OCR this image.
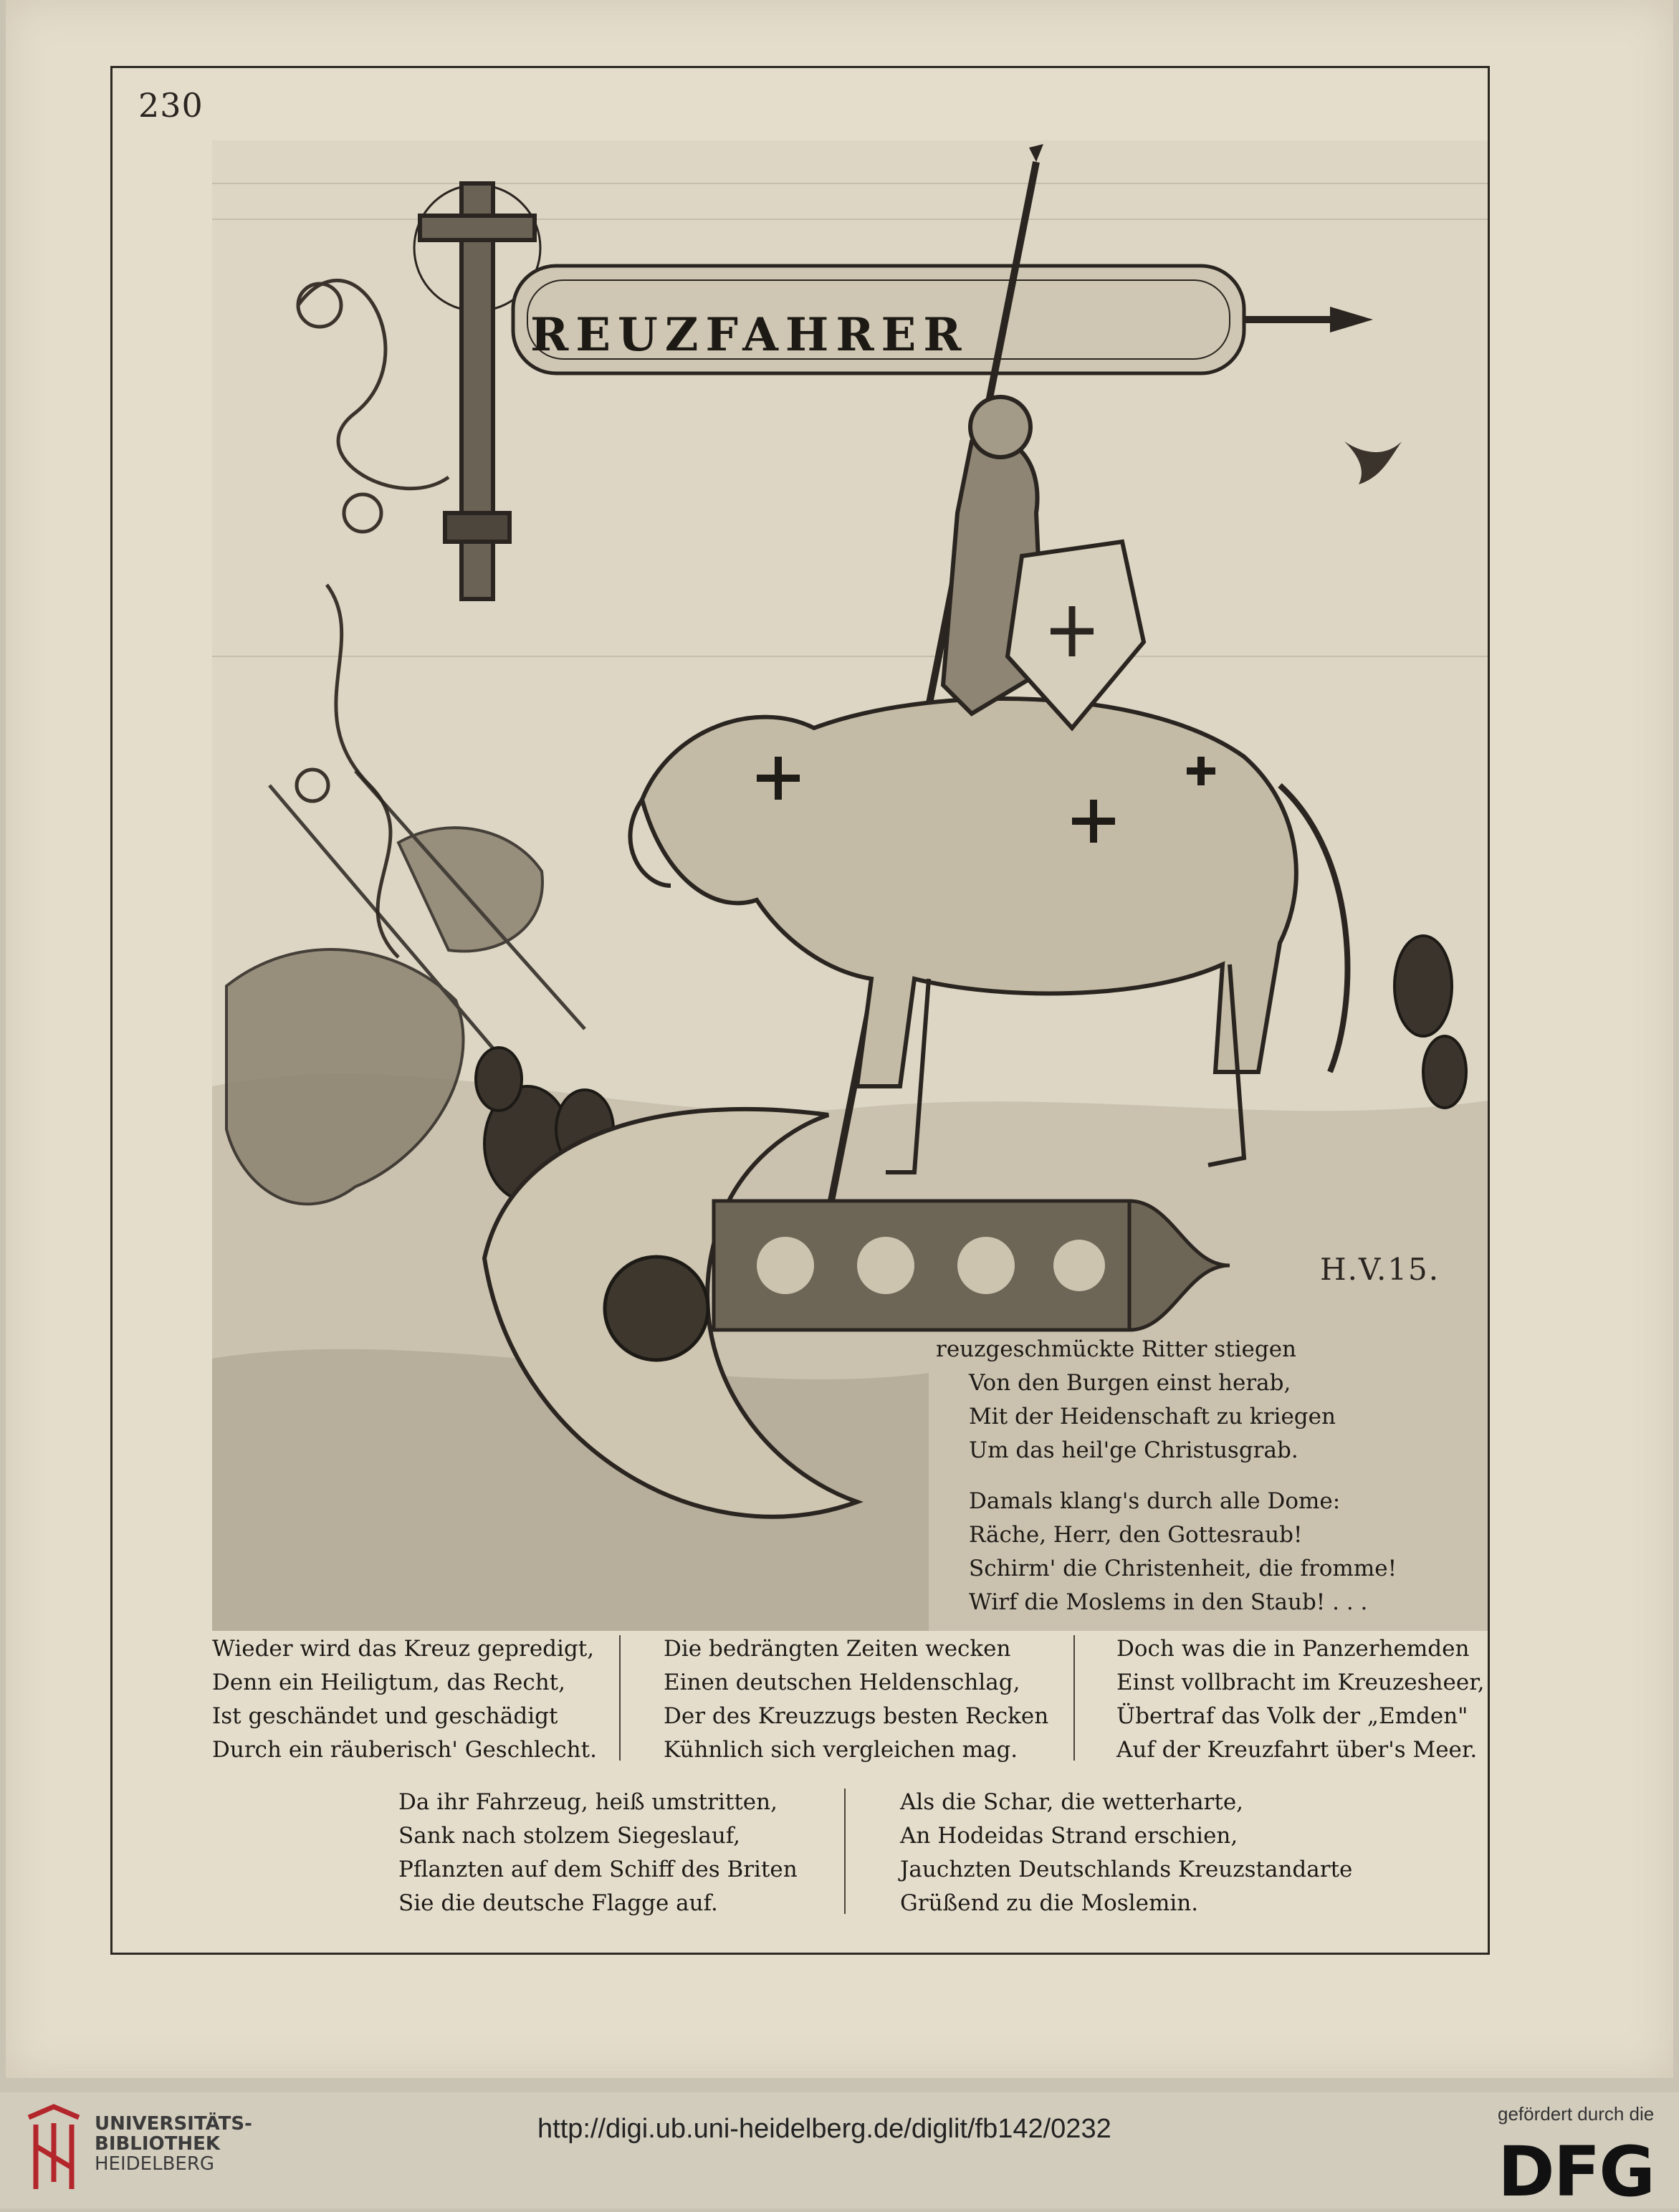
230
REUZFAHRER
H.V.15.
reuzgeschmückte Ritter stiegen
Von den Burgen einst herab,
Mit der Heidenschaft zu kriegen
Um das heil'ge Christusgrab.
Damals klang's durch alle Dome:
Räche, Herr, den Gottesraub!
Schirm' die Christenheit, die fromme!
Wirf die Moslems in den Staub! . . .
Wieder wird das Kreuz gepredigt,
Denn ein Heiligtum, das Recht,
Ist geschändet und geschädigt
Durch ein räuberisch' Geschlecht.
Die bedrängten Zeiten wecken
Einen deutschen Heldenschlag,
Der des Kreuzzugs besten Recken
Kühnlich sich vergleichen mag.
Doch was die in Panzerhemden
Einst vollbracht im Kreuzesheer,
Übertraf das Volk der „Emden"
Auf der Kreuzfahrt über's Meer.
Da ihr Fahrzeug, heiß umstritten,
Sank nach stolzem Siegeslauf,
Pflanzten auf dem Schiff des Briten
Sie die deutsche Flagge auf.
Als die Schar, die wetterharte,
An Hodeidas Strand erschien,
Jauchzten Deutschlands Kreuzstandarte
Grüßend zu die Moslemin.
UNIVERSITÄTS-
BIBLIOTHEK
HEIDELBERG
http://digi.ub.uni-heidelberg.de/diglit/fb142/0232	gefördert durch die
DFG
